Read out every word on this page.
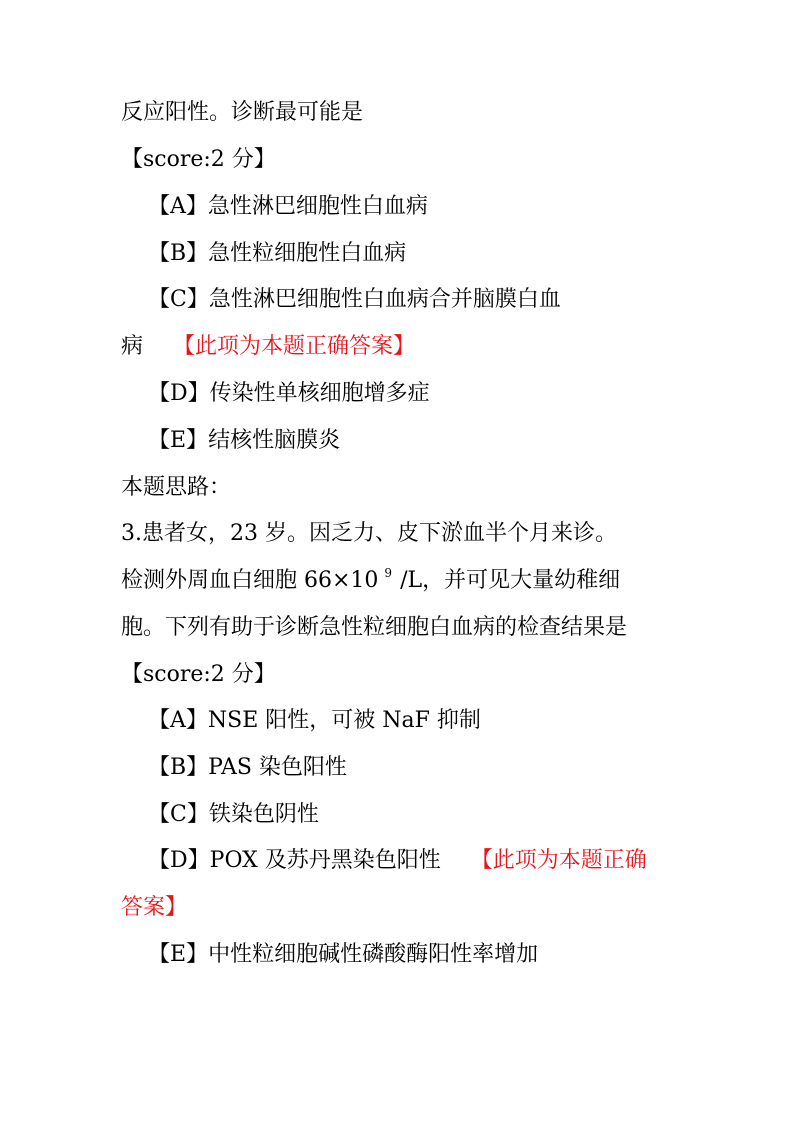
反应阳性。诊断最可能是
【score:2 分】
【A】急性淋巴细胞性白血病
【B】急性粒细胞性白血病
【C】急性淋巴细胞性白血病合并脑膜白血
病 【此项为本题正确答案】
【D】传染性单核细胞增多症
【E】结核性脑膜炎
本题思路：
3.患者女，23 岁。因乏力、皮下淤血半个月来诊。
检测外周血白细胞 66×10 $^9$ /L，并可见大量幼稚细
胞。下列有助于诊断急性粒细胞白血病的检查结果是
【score:2 分】
【A】NSE 阳性，可被 NaF 抑制
【B】PAS 染色阳性
【C】铁染色阴性
【D】POX 及苏丹黑染色阳性 【此项为本题正确
答案】
【E】中性粒细胞碱性磷酸酶阳性率增加
